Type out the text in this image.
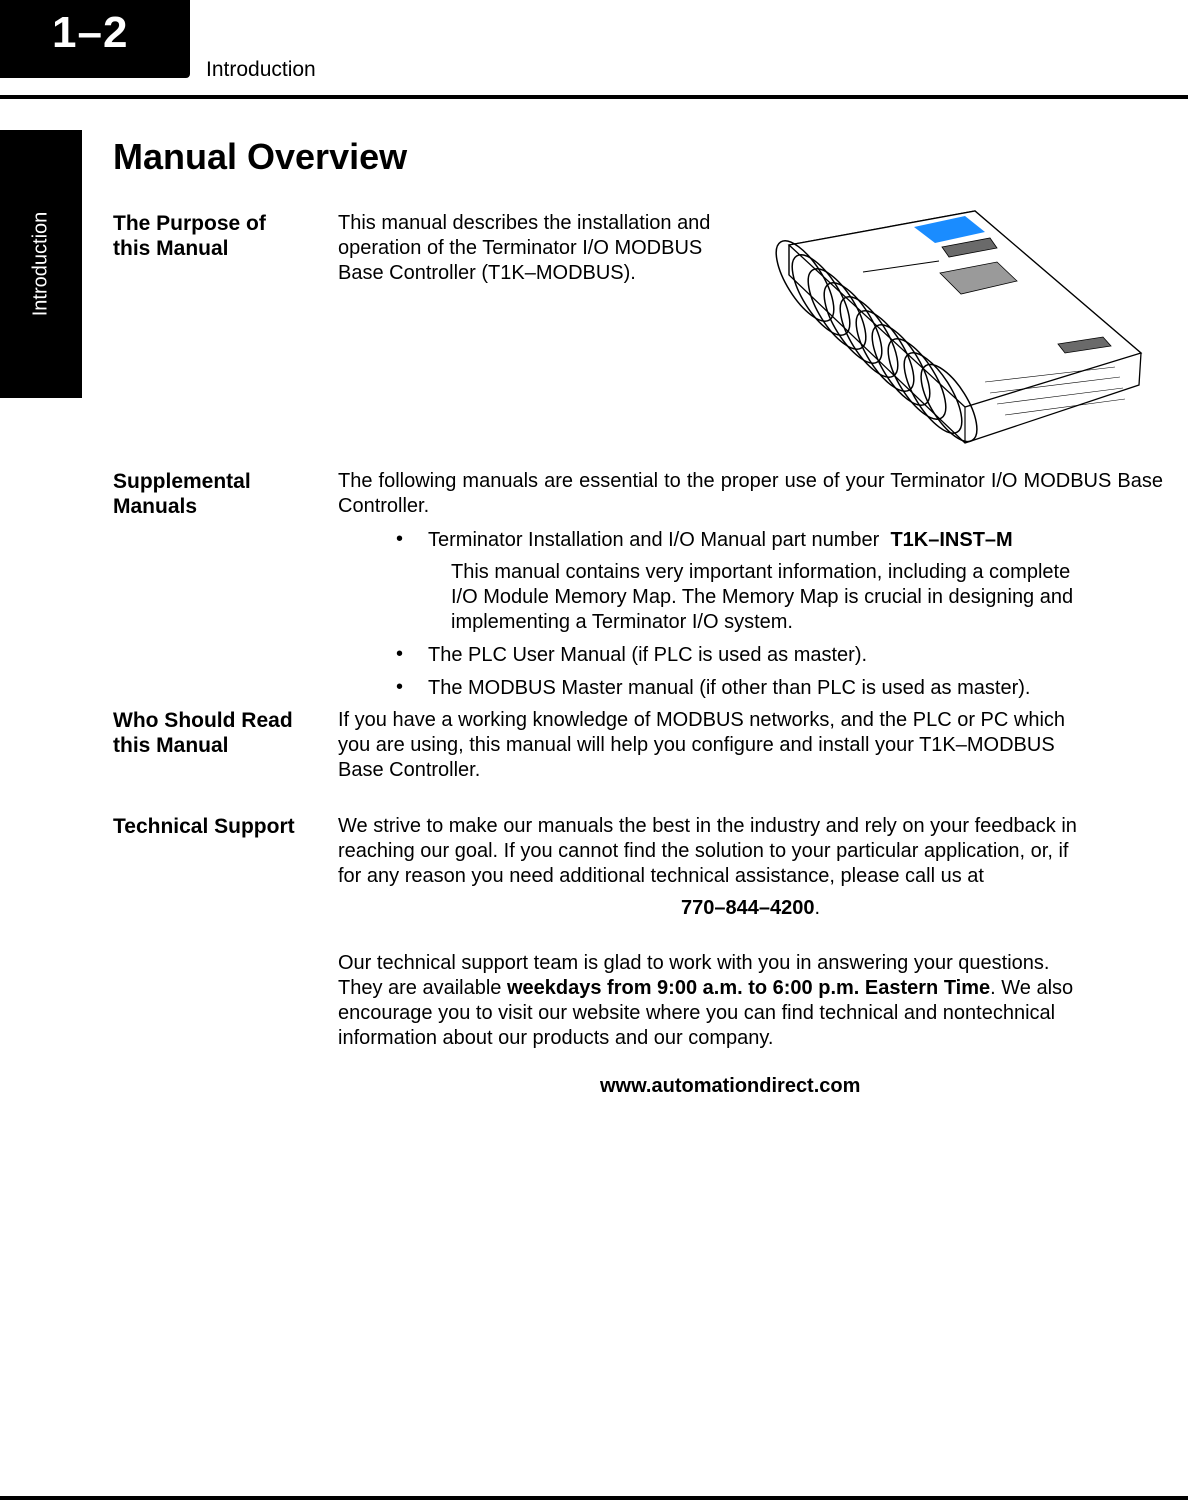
1–2
Introduction
Introduction
Manual Overview
The Purpose of
this Manual
This manual describes the installation and
operation of the Terminator I/O MODBUS
Base Controller (T1K–MODBUS).
Supplemental
Manuals
The following manuals are essential to the proper use of your Terminator I/O MODBUS Base Controller.
• Terminator Installation and I/O Manual part number T1K–INST–M
This manual contains very important information, including a complete
I/O Module Memory Map. The Memory Map is crucial in designing and
implementing a Terminator I/O system.
• The PLC User Manual (if PLC is used as master).
• The MODBUS Master manual (if other than PLC is used as master).
Who Should Read
this Manual
If you have a working knowledge of MODBUS networks, and the PLC or PC which
you are using, this manual will help you configure and install your T1K–MODBUS
Base Controller.
Technical Support	We strive to make our manuals the best in the industry and rely on your feedback in
reaching our goal. If you cannot find the solution to your particular application, or, if
for any reason you need additional technical assistance, please call us at
770–844–4200.
Our technical support team is glad to work with you in answering your questions.
They are available weekdays from 9:00 a.m. to 6:00 p.m. Eastern Time. We also
encourage you to visit our website where you can find technical and nontechnical
information about our products and our company.
www.automationdirect.com
